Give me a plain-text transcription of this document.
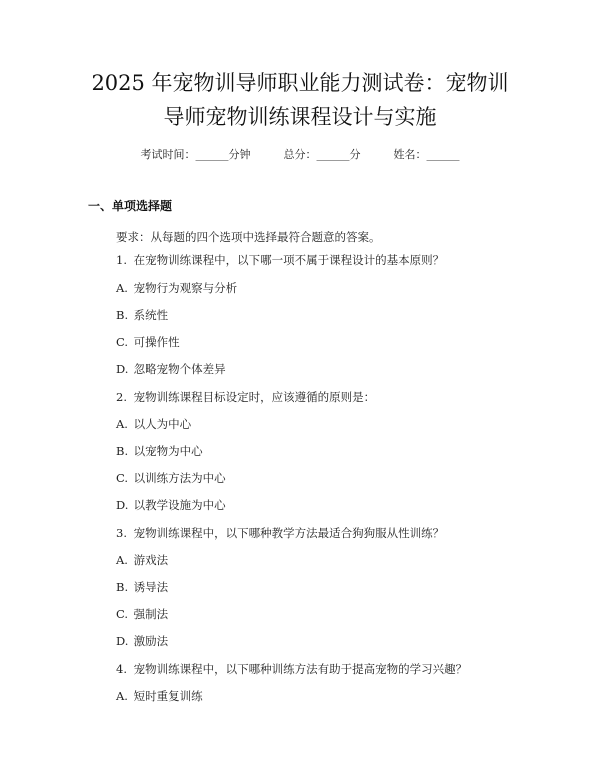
2025 年宠物训导师职业能力测试卷：宠物训
导师宠物训练课程设计与实施
考试时间：______分钟	总分：______分	姓名：______
一、单项选择题
要求：从每题的四个选项中选择最符合题意的答案。
1. 在宠物训练课程中，以下哪一项不属于课程设计的基本原则？
A. 宠物行为观察与分析
B. 系统性
C. 可操作性
D. 忽略宠物个体差异
2. 宠物训练课程目标设定时，应该遵循的原则是：
A. 以人为中心
B. 以宠物为中心
C. 以训练方法为中心
D. 以教学设施为中心
3. 宠物训练课程中，以下哪种教学方法最适合狗狗服从性训练？
A. 游戏法
B. 诱导法
C. 强制法
D. 激励法
4. 宠物训练课程中，以下哪种训练方法有助于提高宠物的学习兴趣？
A. 短时重复训练
